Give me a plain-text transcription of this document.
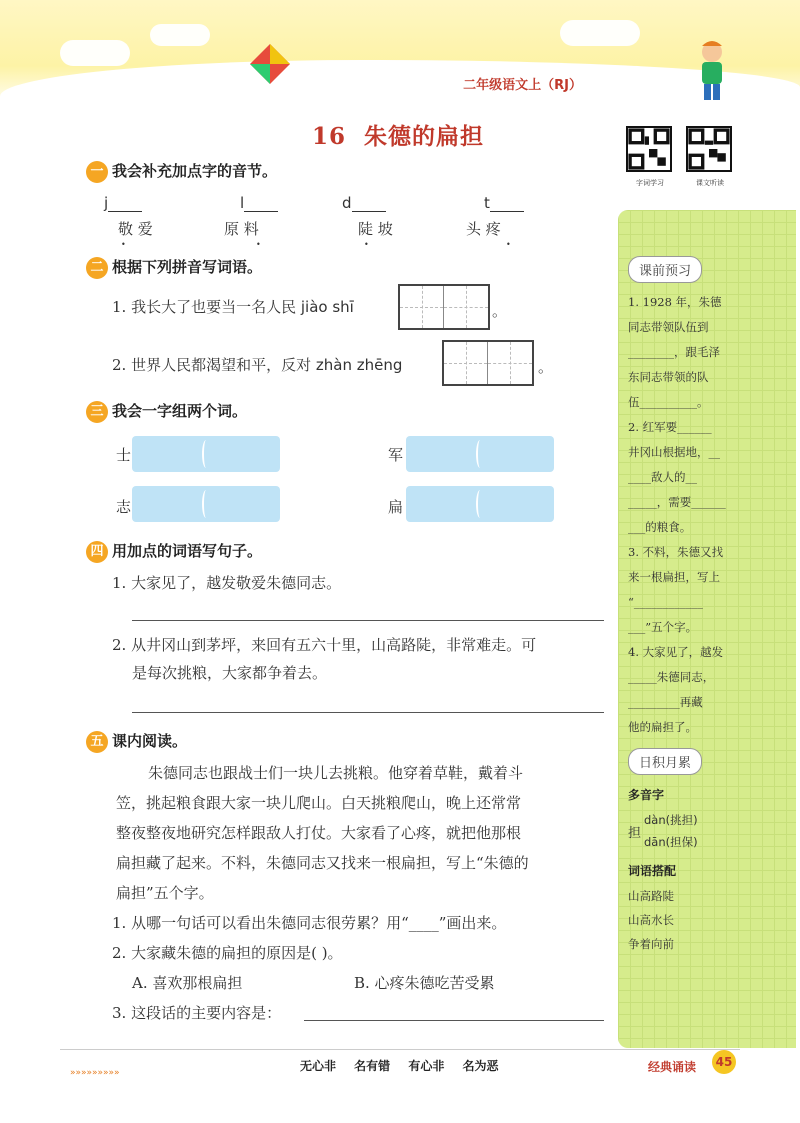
二年级语文上（RJ）
16 朱德的扁担
字词学习	课文听读
一 我会补充加点字的音节。
j	l	d	t
敬 爱	原 料	陡 坡	头 疼
•	•	•	•
二 根据下列拼音写词语。
1. 我长大了也要当一名人民 jiào shī	。
2. 世界人民都渴望和平，反对 zhàn zhēng	。
三 我会一字组两个词。
士	军
志	扁
四 用加点的词语写句子。
1. 大家见了，越发敬爱朱德同志。
2. 从井冈山到茅坪，来回有五六十里，山高路陡，非常难走。可
是每次挑粮，大家都争着去。
五 课内阅读。
朱德同志也跟战士们一块儿去挑粮。他穿着草鞋，戴着斗
笠，挑起粮食跟大家一块儿爬山。白天挑粮爬山，晚上还常常
整夜整夜地研究怎样跟敌人打仗。大家看了心疼，就把他那根
扁担藏了起来。不料，朱德同志又找来一根扁担，写上“朱德的
扁担”五个字。
1. 从哪一句话可以看出朱德同志很劳累？用“____”画出来。
2. 大家藏朱德的扁担的原因是( )。
A. 喜欢那根扁担	B. 心疼朱德吃苦受累
3. 这段话的主要内容是：
课前预习
1. 1928 年，朱德
同志带领队伍到
________，跟毛泽
东同志带领的队
伍__________。
2. 红军要______
井冈山根据地，__
____敌人的__
_____，需要______
___的粮食。
3. 不料，朱德又找
来一根扁担，写上
“____________
___”五个字。
4. 大家见了，越发
_____朱德同志，
_________再藏
他的扁担了。
日积月累
多音字
担
dàn(挑担)
dān(担保)
词语搭配
山高路陡
山高水长
争着向前
»»»»»»»»»	无心非 名有错 有心非 名为恶	经典诵读	45
